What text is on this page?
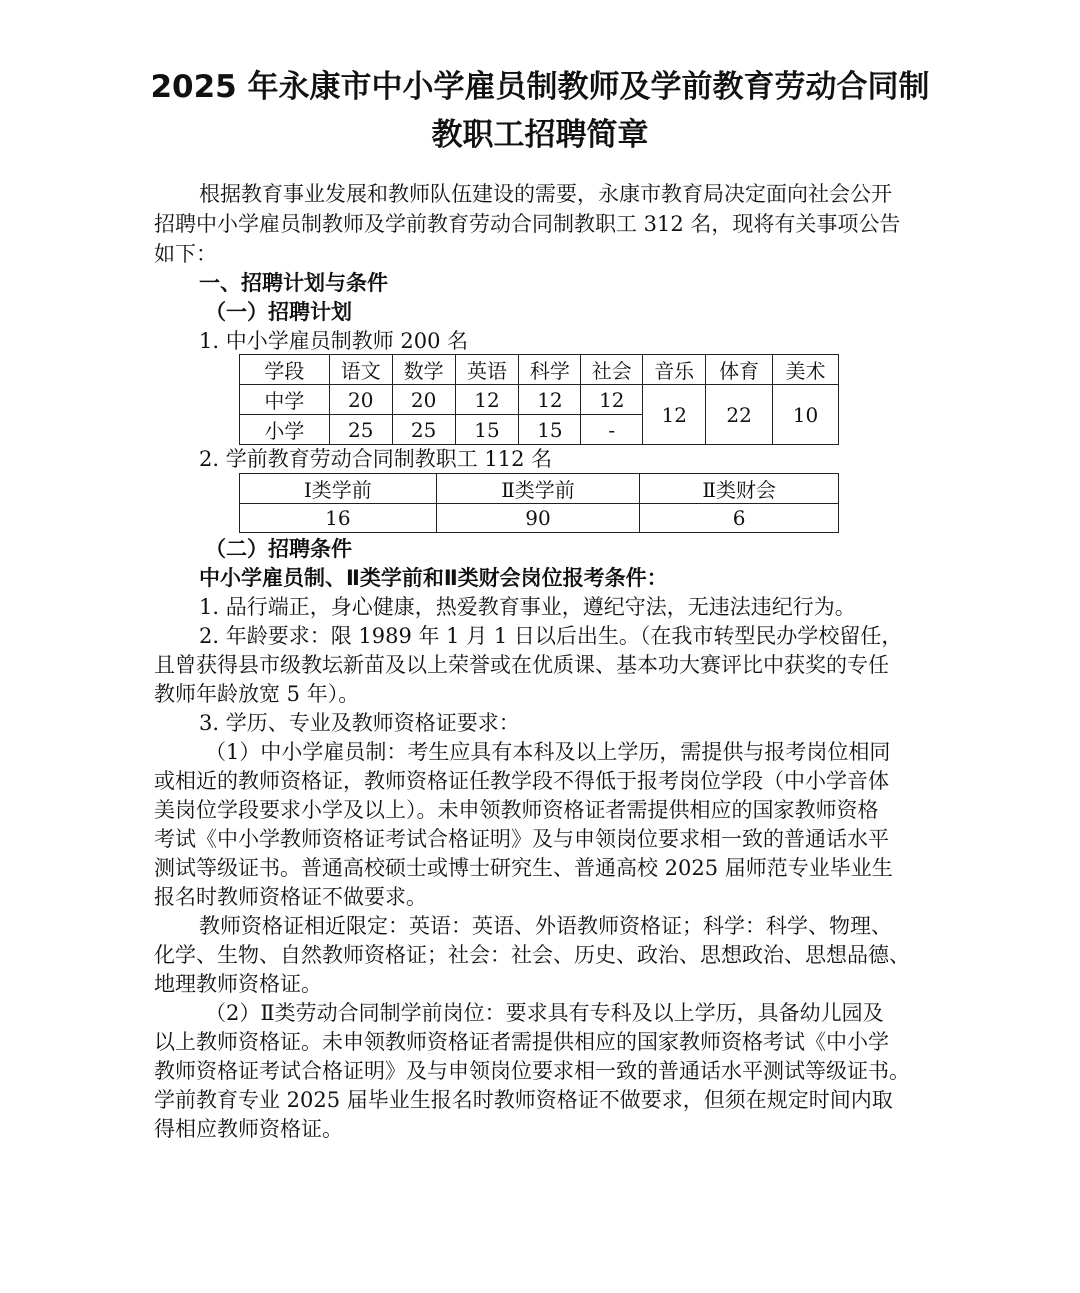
2025 年永康市中小学雇员制教师及学前教育劳动合同制
教职工招聘简章
根据教育事业发展和教师队伍建设的需要，永康市教育局决定面向社会公开
招聘中小学雇员制教师及学前教育劳动合同制教职工 312 名，现将有关事项公告
如下：
一、招聘计划与条件
（一）招聘计划
1. 中小学雇员制教师 200 名
学段	语文	数学	英语	科学	社会	音乐	体育	美术
中学	20	20	12	12	12	12	22	10
小学	25	25	15	15	-			
2. 学前教育劳动合同制教职工 112 名
Ⅰ类学前	Ⅱ类学前	Ⅱ类财会
16	90	6
（二）招聘条件
中小学雇员制、Ⅱ类学前和Ⅱ类财会岗位报考条件：
1. 品行端正，身心健康，热爱教育事业，遵纪守法，无违法违纪行为。
2. 年龄要求：限 1989 年 1 月 1 日以后出生。（在我市转型民办学校留任，
且曾获得县市级教坛新苗及以上荣誉或在优质课、基本功大赛评比中获奖的专任
教师年龄放宽 5 年）。
3. 学历、专业及教师资格证要求：
（1）中小学雇员制：考生应具有本科及以上学历，需提供与报考岗位相同
或相近的教师资格证，教师资格证任教学段不得低于报考岗位学段（中小学音体
美岗位学段要求小学及以上）。未申领教师资格证者需提供相应的国家教师资格
考试《中小学教师资格证考试合格证明》及与申领岗位要求相一致的普通话水平
测试等级证书。普通高校硕士或博士研究生、普通高校 2025 届师范专业毕业生
报名时教师资格证不做要求。
教师资格证相近限定：英语：英语、外语教师资格证；科学：科学、物理、
化学、生物、自然教师资格证；社会：社会、历史、政治、思想政治、思想品德、
地理教师资格证。
（2）Ⅱ类劳动合同制学前岗位：要求具有专科及以上学历，具备幼儿园及
以上教师资格证。未申领教师资格证者需提供相应的国家教师资格考试《中小学
教师资格证考试合格证明》及与申领岗位要求相一致的普通话水平测试等级证书。
学前教育专业 2025 届毕业生报名时教师资格证不做要求，但须在规定时间内取
得相应教师资格证。
